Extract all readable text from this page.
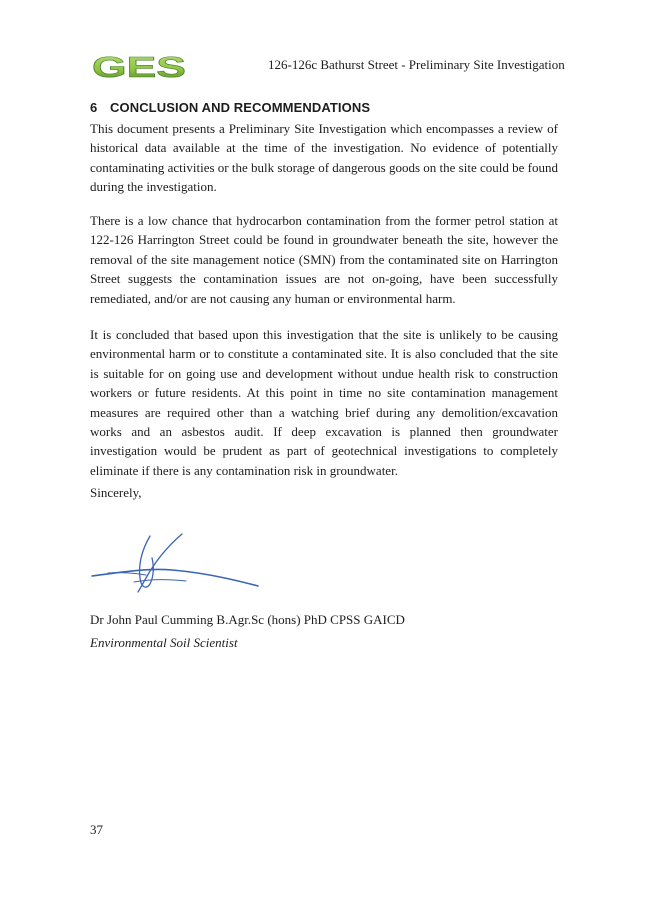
GES	126-126c Bathurst Street - Preliminary Site Investigation
6 CONCLUSION AND RECOMMENDATIONS

This document presents a Preliminary Site Investigation which encompasses a review of historical data available at the time of the investigation. No evidence of potentially contaminating activities or the bulk storage of dangerous goods on the site could be found during the investigation.

There is a low chance that hydrocarbon contamination from the former petrol station at 122-126 Harrington Street could be found in groundwater beneath the site, however the removal of the site management notice (SMN) from the contaminated site on Harrington Street suggests the contamination issues are not on-going, have been successfully remediated, and/or are not causing any human or environmental harm.

It is concluded that based upon this investigation that the site is unlikely to be causing environmental harm or to constitute a contaminated site. It is also concluded that the site is suitable for on going use and development without undue health risk to construction workers or future residents. At this point in time no site contamination management measures are required other than a watching brief during any demolition/excavation works and an asbestos audit. If deep excavation is planned then groundwater investigation would be prudent as part of geotechnical investigations to completely eliminate if there is any contamination risk in groundwater.

Sincerely,
Dr John Paul Cumming B.Agr.Sc (hons) PhD CPSS GAICD
Environmental Soil Scientist
37
